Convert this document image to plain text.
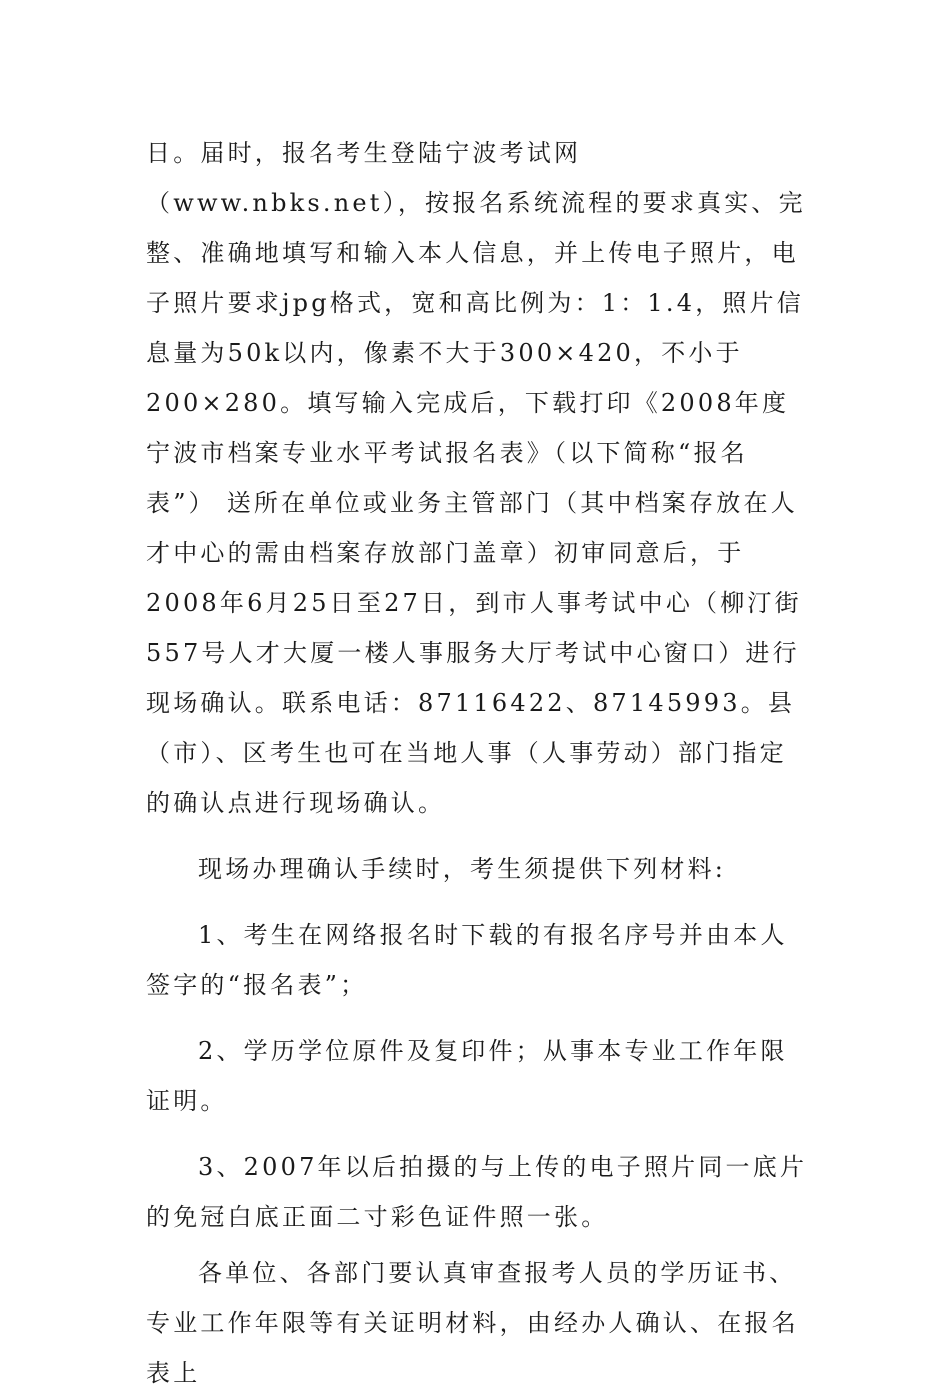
日。届时，报名考生登陆宁波考试网（www.nbks.net），按报名系统流程的要求真实、完整、准确地填写和输入本人信息，并上传电子照片，电子照片要求jpg格式，宽和高比例为：1：1.4，照片信息量为50k以内，像素不大于300×420，不小于200×280。填写输入完成后，下载打印《2008年度宁波市档案专业水平考试报名表》（以下简称“报名表”） 送所在单位或业务主管部门（其中档案存放在人才中心的需由档案存放部门盖章）初审同意后，于2008年6月25日至27日，到市人事考试中心（柳汀街557号人才大厦一楼人事服务大厅考试中心窗口）进行现场确认。联系电话：87116422、87145993。县（市）、区考生也可在当地人事（人事劳动）部门指定的确认点进行现场确认。

现场办理确认手续时，考生须提供下列材料:

1、考生在网络报名时下载的有报名序号并由本人签字的“报名表”；

2、学历学位原件及复印件；从事本专业工作年限证明。

3、2007年以后拍摄的与上传的电子照片同一底片的免冠白底正面二寸彩色证件照一张。

各单位、各部门要认真审查报考人员的学历证书、专业工作年限等有关证明材料，由经办人确认、在报名表上
